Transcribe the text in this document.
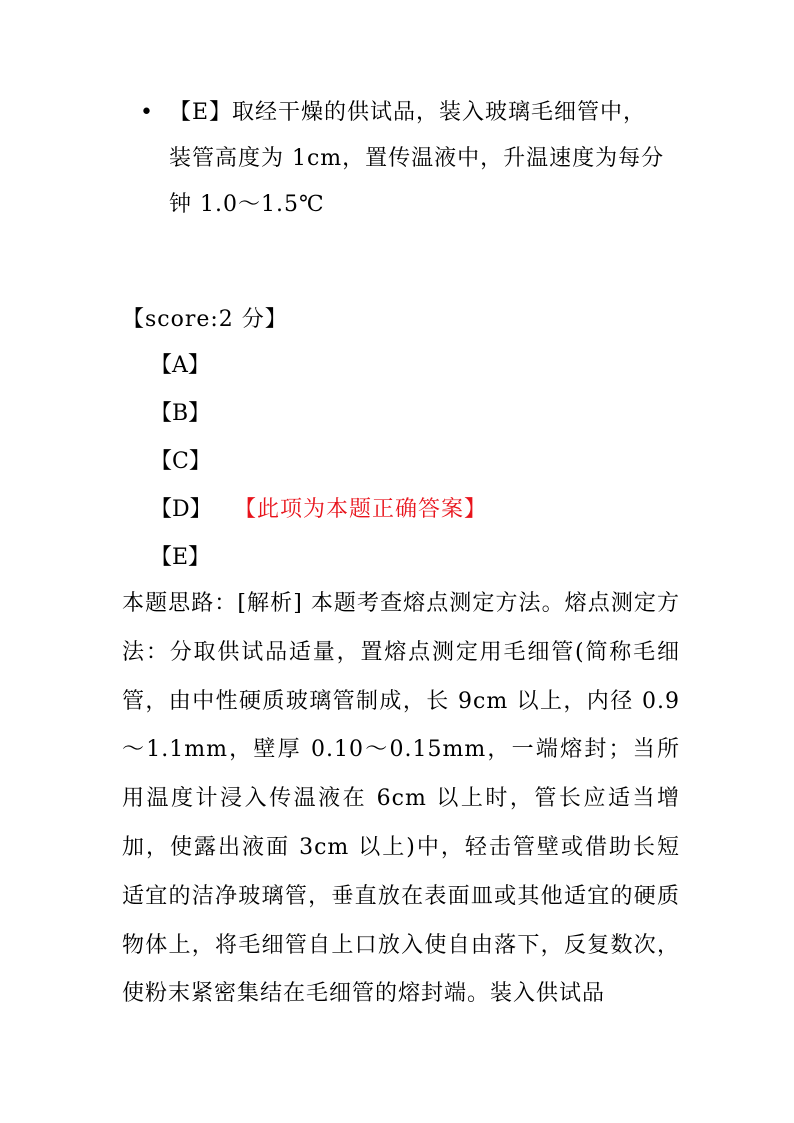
• 【E】取经干燥的供试品，装入玻璃毛细管中，装管高度为 1cm，置传温液中，升温速度为每分钟 1.0～1.5℃
【score:2 分】
【A】
【B】
【C】
【D】 【此项为本题正确答案】
【E】
本题思路：[解析] 本题考查熔点测定方法。熔点测定方法：分取供试品适量，置熔点测定用毛细管(简称毛细管，由中性硬质玻璃管制成，长 9cm 以上，内径 0.9～1.1mm，壁厚 0.10～0.15mm，一端熔封；当所用温度计浸入传温液在 6cm 以上时，管长应适当增加，使露出液面 3cm 以上)中，轻击管壁或借助长短适宜的洁净玻璃管，垂直放在表面皿或其他适宜的硬质物体上，将毛细管自上口放入使自由落下，反复数次，使粉末紧密集结在毛细管的熔封端。装入供试品
